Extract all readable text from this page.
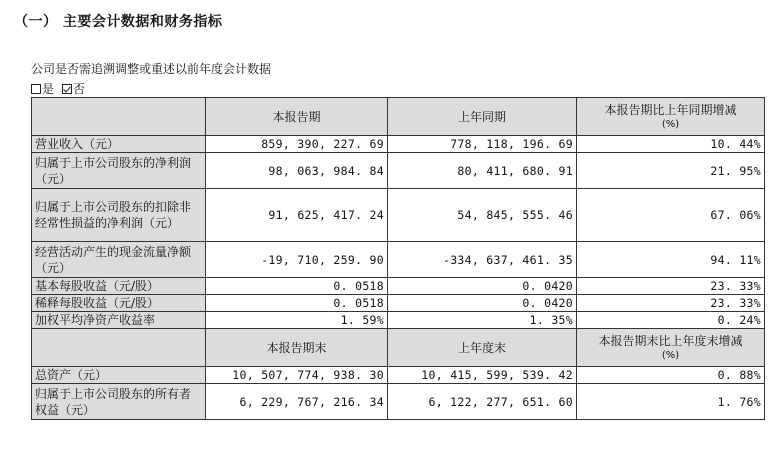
（一） 主要会计数据和财务指标
公司是否需追溯调整或重述以前年度会计数据
是 否
	本报告期	上年同期	本报告期比上年同期增减
(%)

营业收入（元）	859, 390, 227. 69	778, 118, 196. 69	10. 44%
归属于上市公司股东的净利润（元）	98, 063, 984. 84	80, 411, 680. 91	21. 95%
归属于上市公司股东的扣除非经常性损益的净利润（元）	91, 625, 417. 24	54, 845, 555. 46	67. 06%
经营活动产生的现金流量净额（元）	-19, 710, 259. 90	-334, 637, 461. 35	94. 11%
基本每股收益（元/股）	0. 0518	0. 0420	23. 33%
稀释每股收益（元/股）	0. 0518	0. 0420	23. 33%
加权平均净资产收益率	1. 59%	1. 35%	0. 24%
	本报告期末	上年度末	本报告期末比上年度末增减
(%)

总资产（元）	10, 507, 774, 938. 30	10, 415, 599, 539. 42	0. 88%
归属于上市公司股东的所有者权益（元）	6, 229, 767, 216. 34	6, 122, 277, 651. 60	1. 76%
